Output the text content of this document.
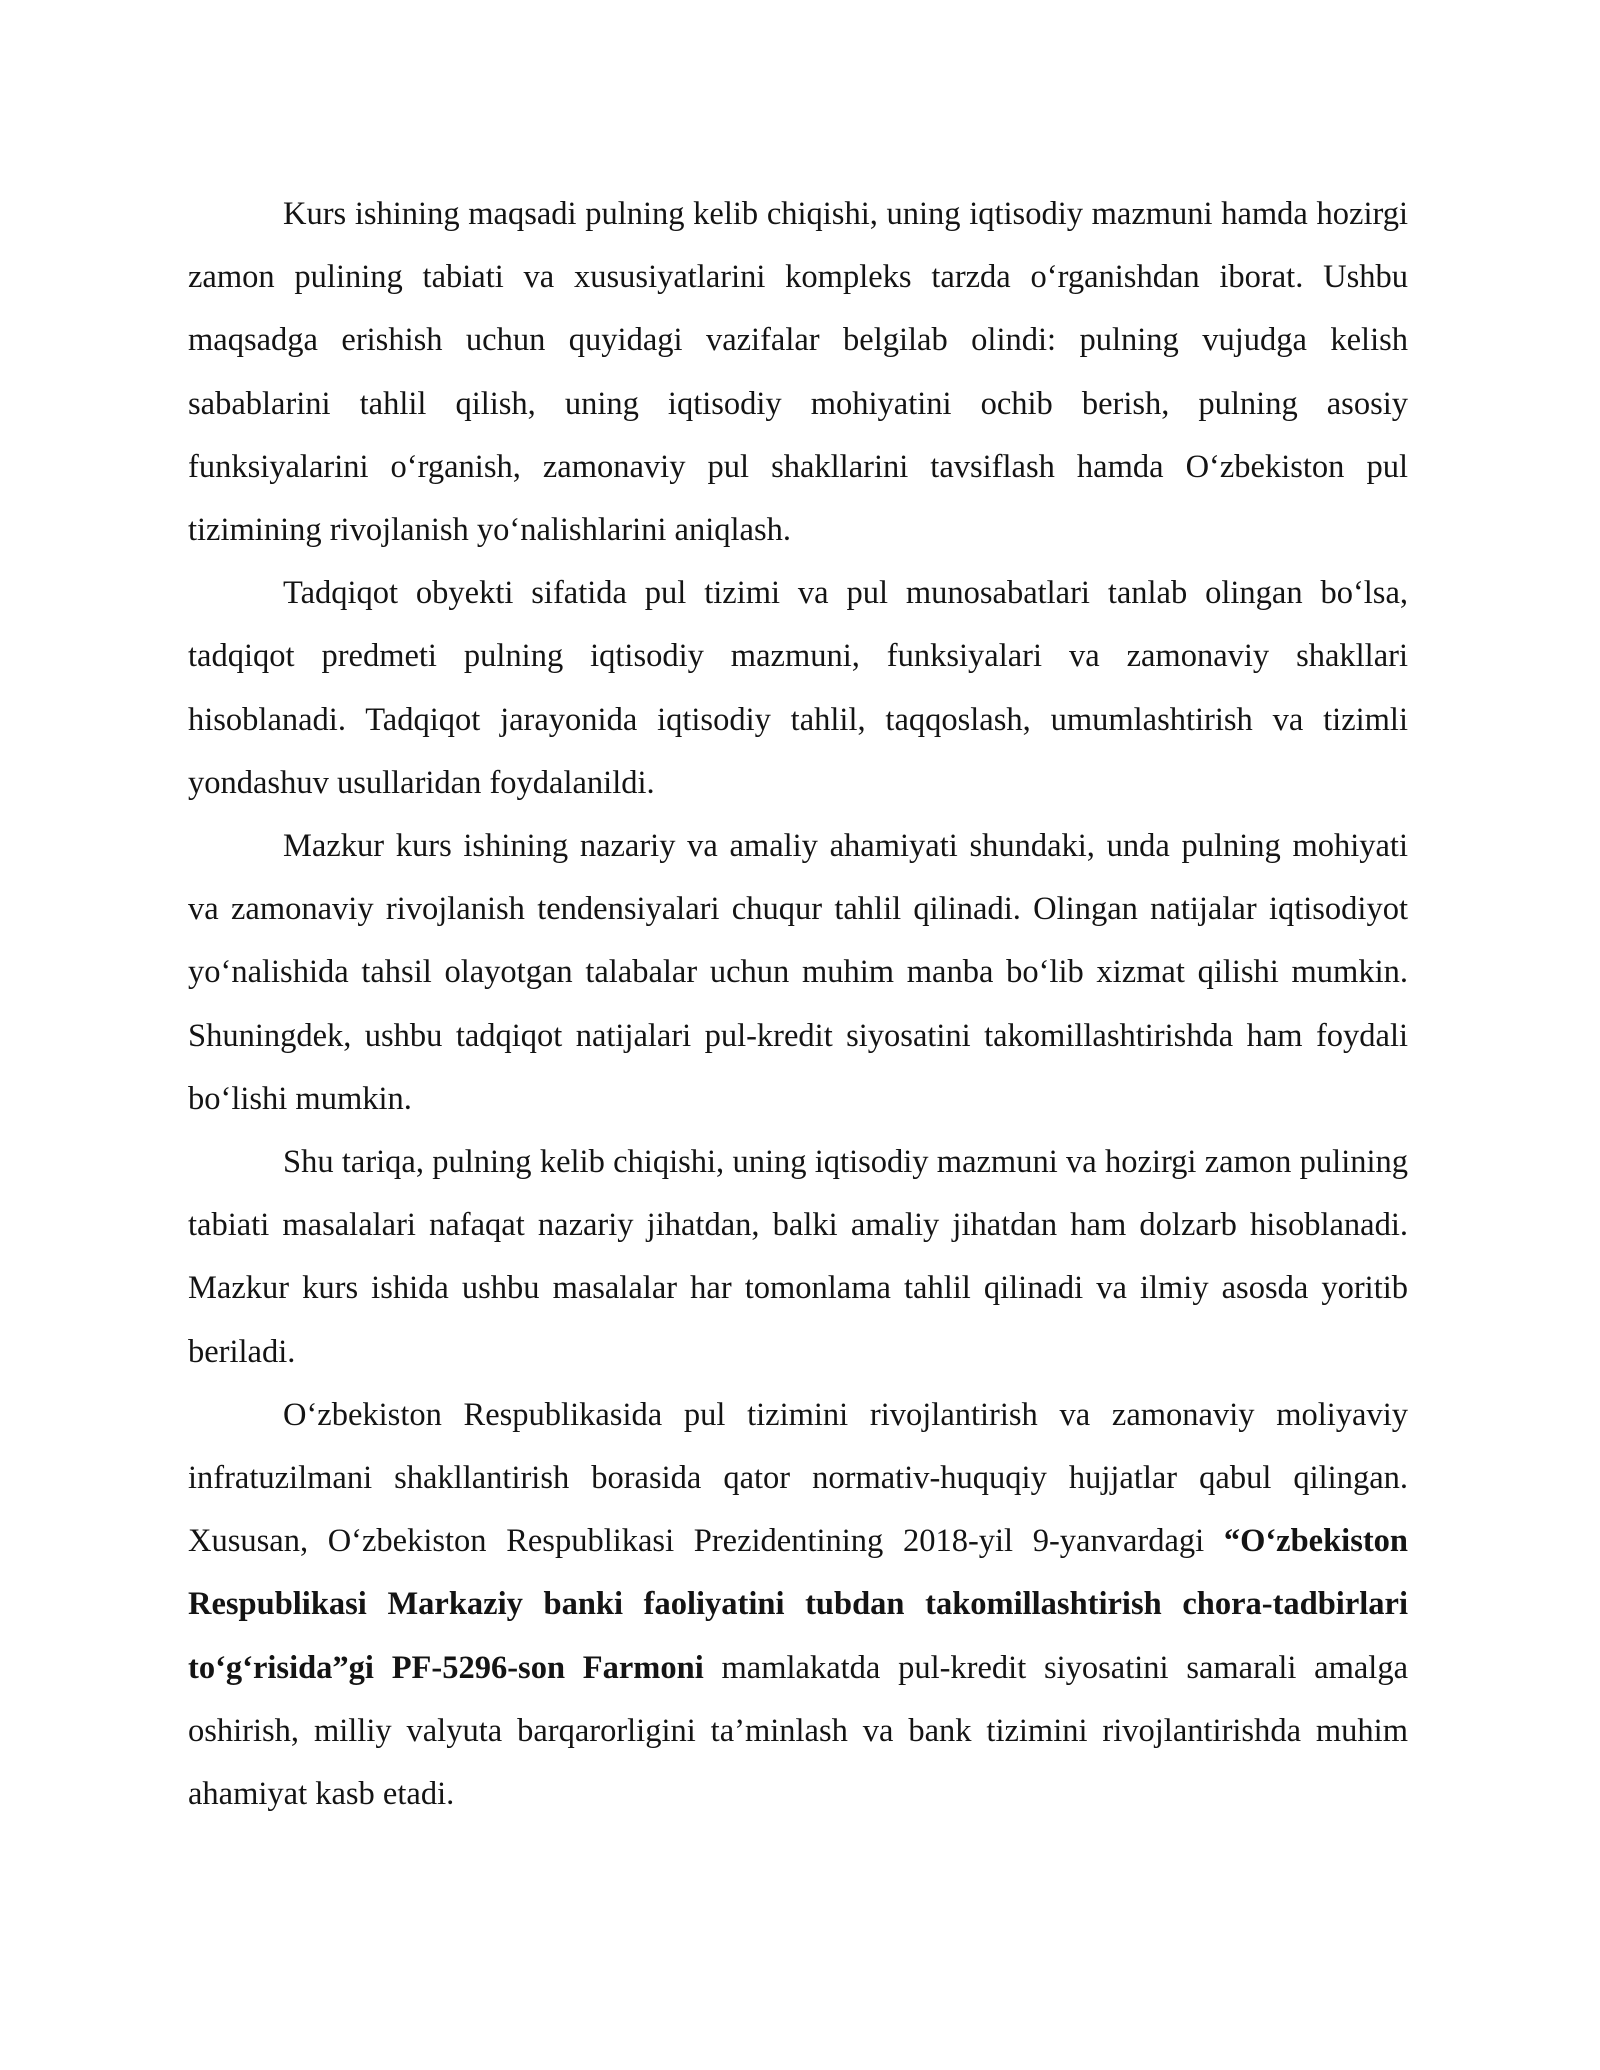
Kurs ishining maqsadi pulning kelib chiqishi, uning iqtisodiy mazmuni hamda hozirgi zamon pulining tabiati va xususiyatlarini kompleks tarzda o‘rganishdan iborat. Ushbu maqsadga erishish uchun quyidagi vazifalar belgilab olindi: pulning vujudga kelish sabablarini tahlil qilish, uning iqtisodiy mohiyatini ochib berish, pulning asosiy funksiyalarini o‘rganish, zamonaviy pul shakllarini tavsiflash hamda O‘zbekiston pul tizimining rivojlanish yo‘nalishlarini aniqlash.

Tadqiqot obyekti sifatida pul tizimi va pul munosabatlari tanlab olingan bo‘lsa, tadqiqot predmeti pulning iqtisodiy mazmuni, funksiyalari va zamonaviy shakllari hisoblanadi. Tadqiqot jarayonida iqtisodiy tahlil, taqqoslash, umumlashtirish va tizimli yondashuv usullaridan foydalanildi.

Mazkur kurs ishining nazariy va amaliy ahamiyati shundaki, unda pulning mohiyati va zamonaviy rivojlanish tendensiyalari chuqur tahlil qilinadi. Olingan natijalar iqtisodiyot yo‘nalishida tahsil olayotgan talabalar uchun muhim manba bo‘lib xizmat qilishi mumkin. Shuningdek, ushbu tadqiqot natijalari pul-kredit siyosatini takomillashtirishda ham foydali bo‘lishi mumkin.

Shu tariqa, pulning kelib chiqishi, uning iqtisodiy mazmuni va hozirgi zamon pulining tabiati masalalari nafaqat nazariy jihatdan, balki amaliy jihatdan ham dolzarb hisoblanadi. Mazkur kurs ishida ushbu masalalar har tomonlama tahlil qilinadi va ilmiy asosda yoritib beriladi.

O‘zbekiston Respublikasida pul tizimini rivojlantirish va zamonaviy moliyaviy infratuzilmani shakllantirish borasida qator normativ-huquqiy hujjatlar qabul qilingan. Xususan, O‘zbekiston Respublikasi Prezidentining 2018-yil 9-yanvardagi “O‘zbekiston Respublikasi Markaziy banki faoliyatini tubdan takomillashtirish chora-tadbirlari to‘g‘risida”gi PF-5296-son Farmoni mamlakatda pul-kredit siyosatini samarali amalga oshirish, milliy valyuta barqarorligini ta’minlash va bank tizimini rivojlantirishda muhim ahamiyat kasb etadi.
